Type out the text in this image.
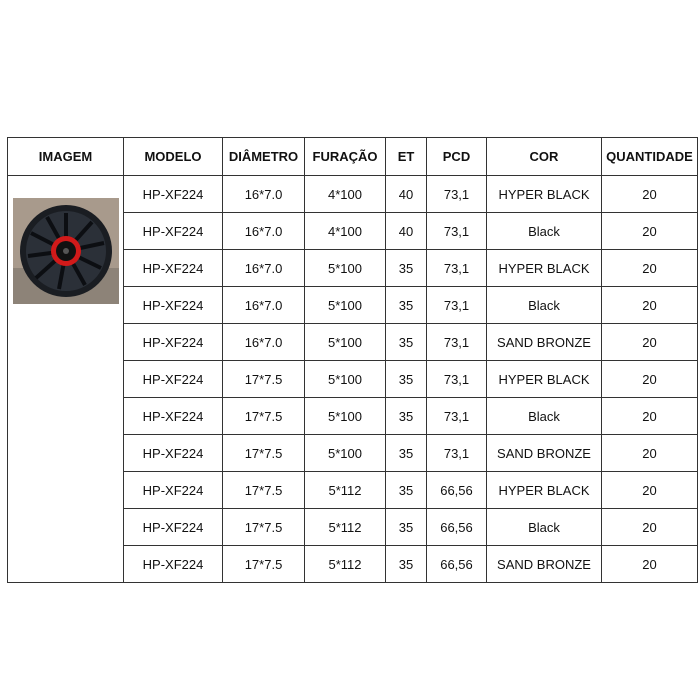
IMAGEM	MODELO	DIÂMETRO	FURAÇÃO	ET	PCD	COR	QUANTIDADE

	HP-XF224	16*7.0	4*100	40	73,1	HYPER BLACK	20
	HP-XF224	16*7.0	4*100	40	73,1	Black	20
	HP-XF224	16*7.0	5*100	35	73,1	HYPER BLACK	20
	HP-XF224	16*7.0	5*100	35	73,1	Black	20
	HP-XF224	16*7.0	5*100	35	73,1	SAND BRONZE	20
	HP-XF224	17*7.5	5*100	35	73,1	HYPER BLACK	20
	HP-XF224	17*7.5	5*100	35	73,1	Black	20
	HP-XF224	17*7.5	5*100	35	73,1	SAND BRONZE	20
	HP-XF224	17*7.5	5*112	35	66,56	HYPER BLACK	20
	HP-XF224	17*7.5	5*112	35	66,56	Black	20
	HP-XF224	17*7.5	5*112	35	66,56	SAND BRONZE	20
